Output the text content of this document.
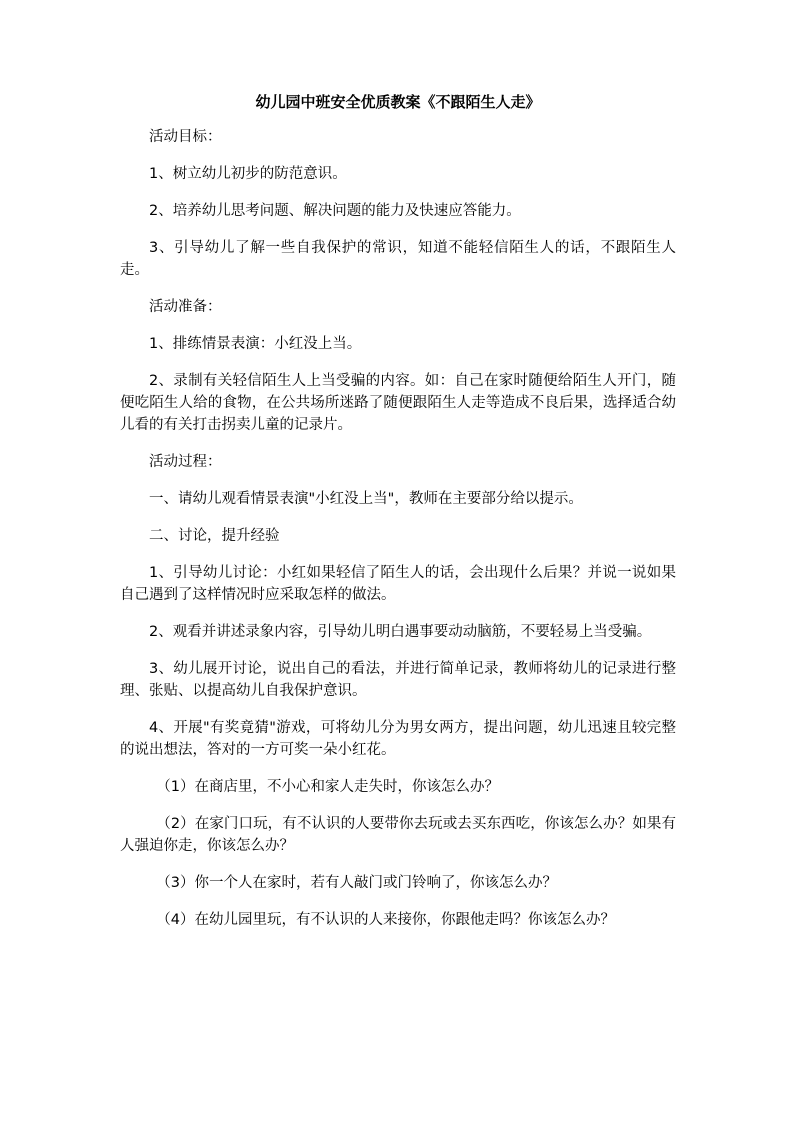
幼儿园中班安全优质教案《不跟陌生人走》

活动目标：

1、树立幼儿初步的防范意识。

2、培养幼儿思考问题、解决问题的能力及快速应答能力。

3、引导幼儿了解一些自我保护的常识，知道不能轻信陌生人的话，不跟陌生人走。

活动准备：

1、排练情景表演：小红没上当。

2、录制有关轻信陌生人上当受骗的内容。如：自己在家时随便给陌生人开门，随便吃陌生人给的食物，在公共场所迷路了随便跟陌生人走等造成不良后果，选择适合幼儿看的有关打击拐卖儿童的记录片。

活动过程：

一、请幼儿观看情景表演"小红没上当"，教师在主要部分给以提示。

二、讨论，提升经验

1、引导幼儿讨论：小红如果轻信了陌生人的话，会出现什么后果？并说一说如果自己遇到了这样情况时应采取怎样的做法。

2、观看并讲述录象内容，引导幼儿明白遇事要动动脑筋，不要轻易上当受骗。

3、幼儿展开讨论，说出自己的看法，并进行简单记录，教师将幼儿的记录进行整理、张贴、以提高幼儿自我保护意识。

4、开展"有奖竟猜"游戏，可将幼儿分为男女两方，提出问题，幼儿迅速且较完整的说出想法，答对的一方可奖一朵小红花。

（1）在商店里，不小心和家人走失时，你该怎么办？

（2）在家门口玩，有不认识的人要带你去玩或去买东西吃，你该怎么办？如果有人强迫你走，你该怎么办？

（3）你一个人在家时，若有人敲门或门铃响了，你该怎么办？

（4）在幼儿园里玩，有不认识的人来接你，你跟他走吗？你该怎么办？
